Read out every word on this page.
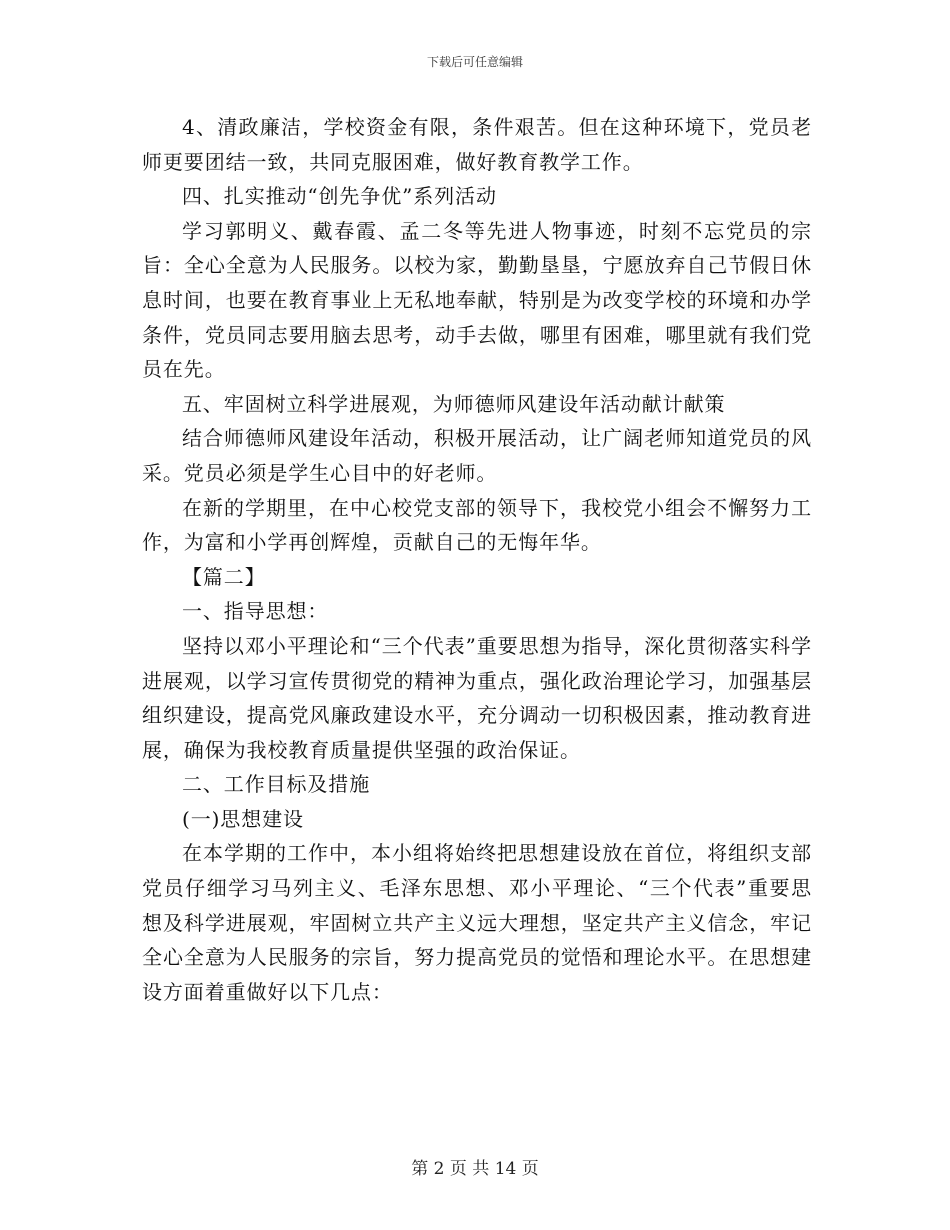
下载后可任意编辑

4、清政廉洁，学校资金有限，条件艰苦。但在这种环境下，党员老师更要团结一致，共同克服困难，做好教育教学工作。

四、扎实推动“创先争优”系列活动

学习郭明义、戴春霞、孟二冬等先进人物事迹，时刻不忘党员的宗旨：全心全意为人民服务。以校为家，勤勤垦垦，宁愿放弃自己节假日休息时间，也要在教育事业上无私地奉献，特别是为改变学校的环境和办学条件，党员同志要用脑去思考，动手去做，哪里有困难，哪里就有我们党员在先。

五、牢固树立科学进展观，为师德师风建设年活动献计献策

结合师德师风建设年活动，积极开展活动，让广阔老师知道党员的风采。党员必须是学生心目中的好老师。

在新的学期里，在中心校党支部的领导下，我校党小组会不懈努力工作，为富和小学再创辉煌，贡献自己的无悔年华。

【篇二】

一、指导思想：

坚持以邓小平理论和“三个代表”重要思想为指导，深化贯彻落实科学进展观，以学习宣传贯彻党的精神为重点，强化政治理论学习，加强基层组织建设，提高党风廉政建设水平，充分调动一切积极因素，推动教育进展，确保为我校教育质量提供坚强的政治保证。

二、工作目标及措施

(一)思想建设

在本学期的工作中，本小组将始终把思想建设放在首位，将组织支部党员仔细学习马列主义、毛泽东思想、邓小平理论、“三个代表”重要思想及科学进展观，牢固树立共产主义远大理想，坚定共产主义信念，牢记全心全意为人民服务的宗旨，努力提高党员的觉悟和理论水平。在思想建设方面着重做好以下几点：

第 2 页 共 14 页
